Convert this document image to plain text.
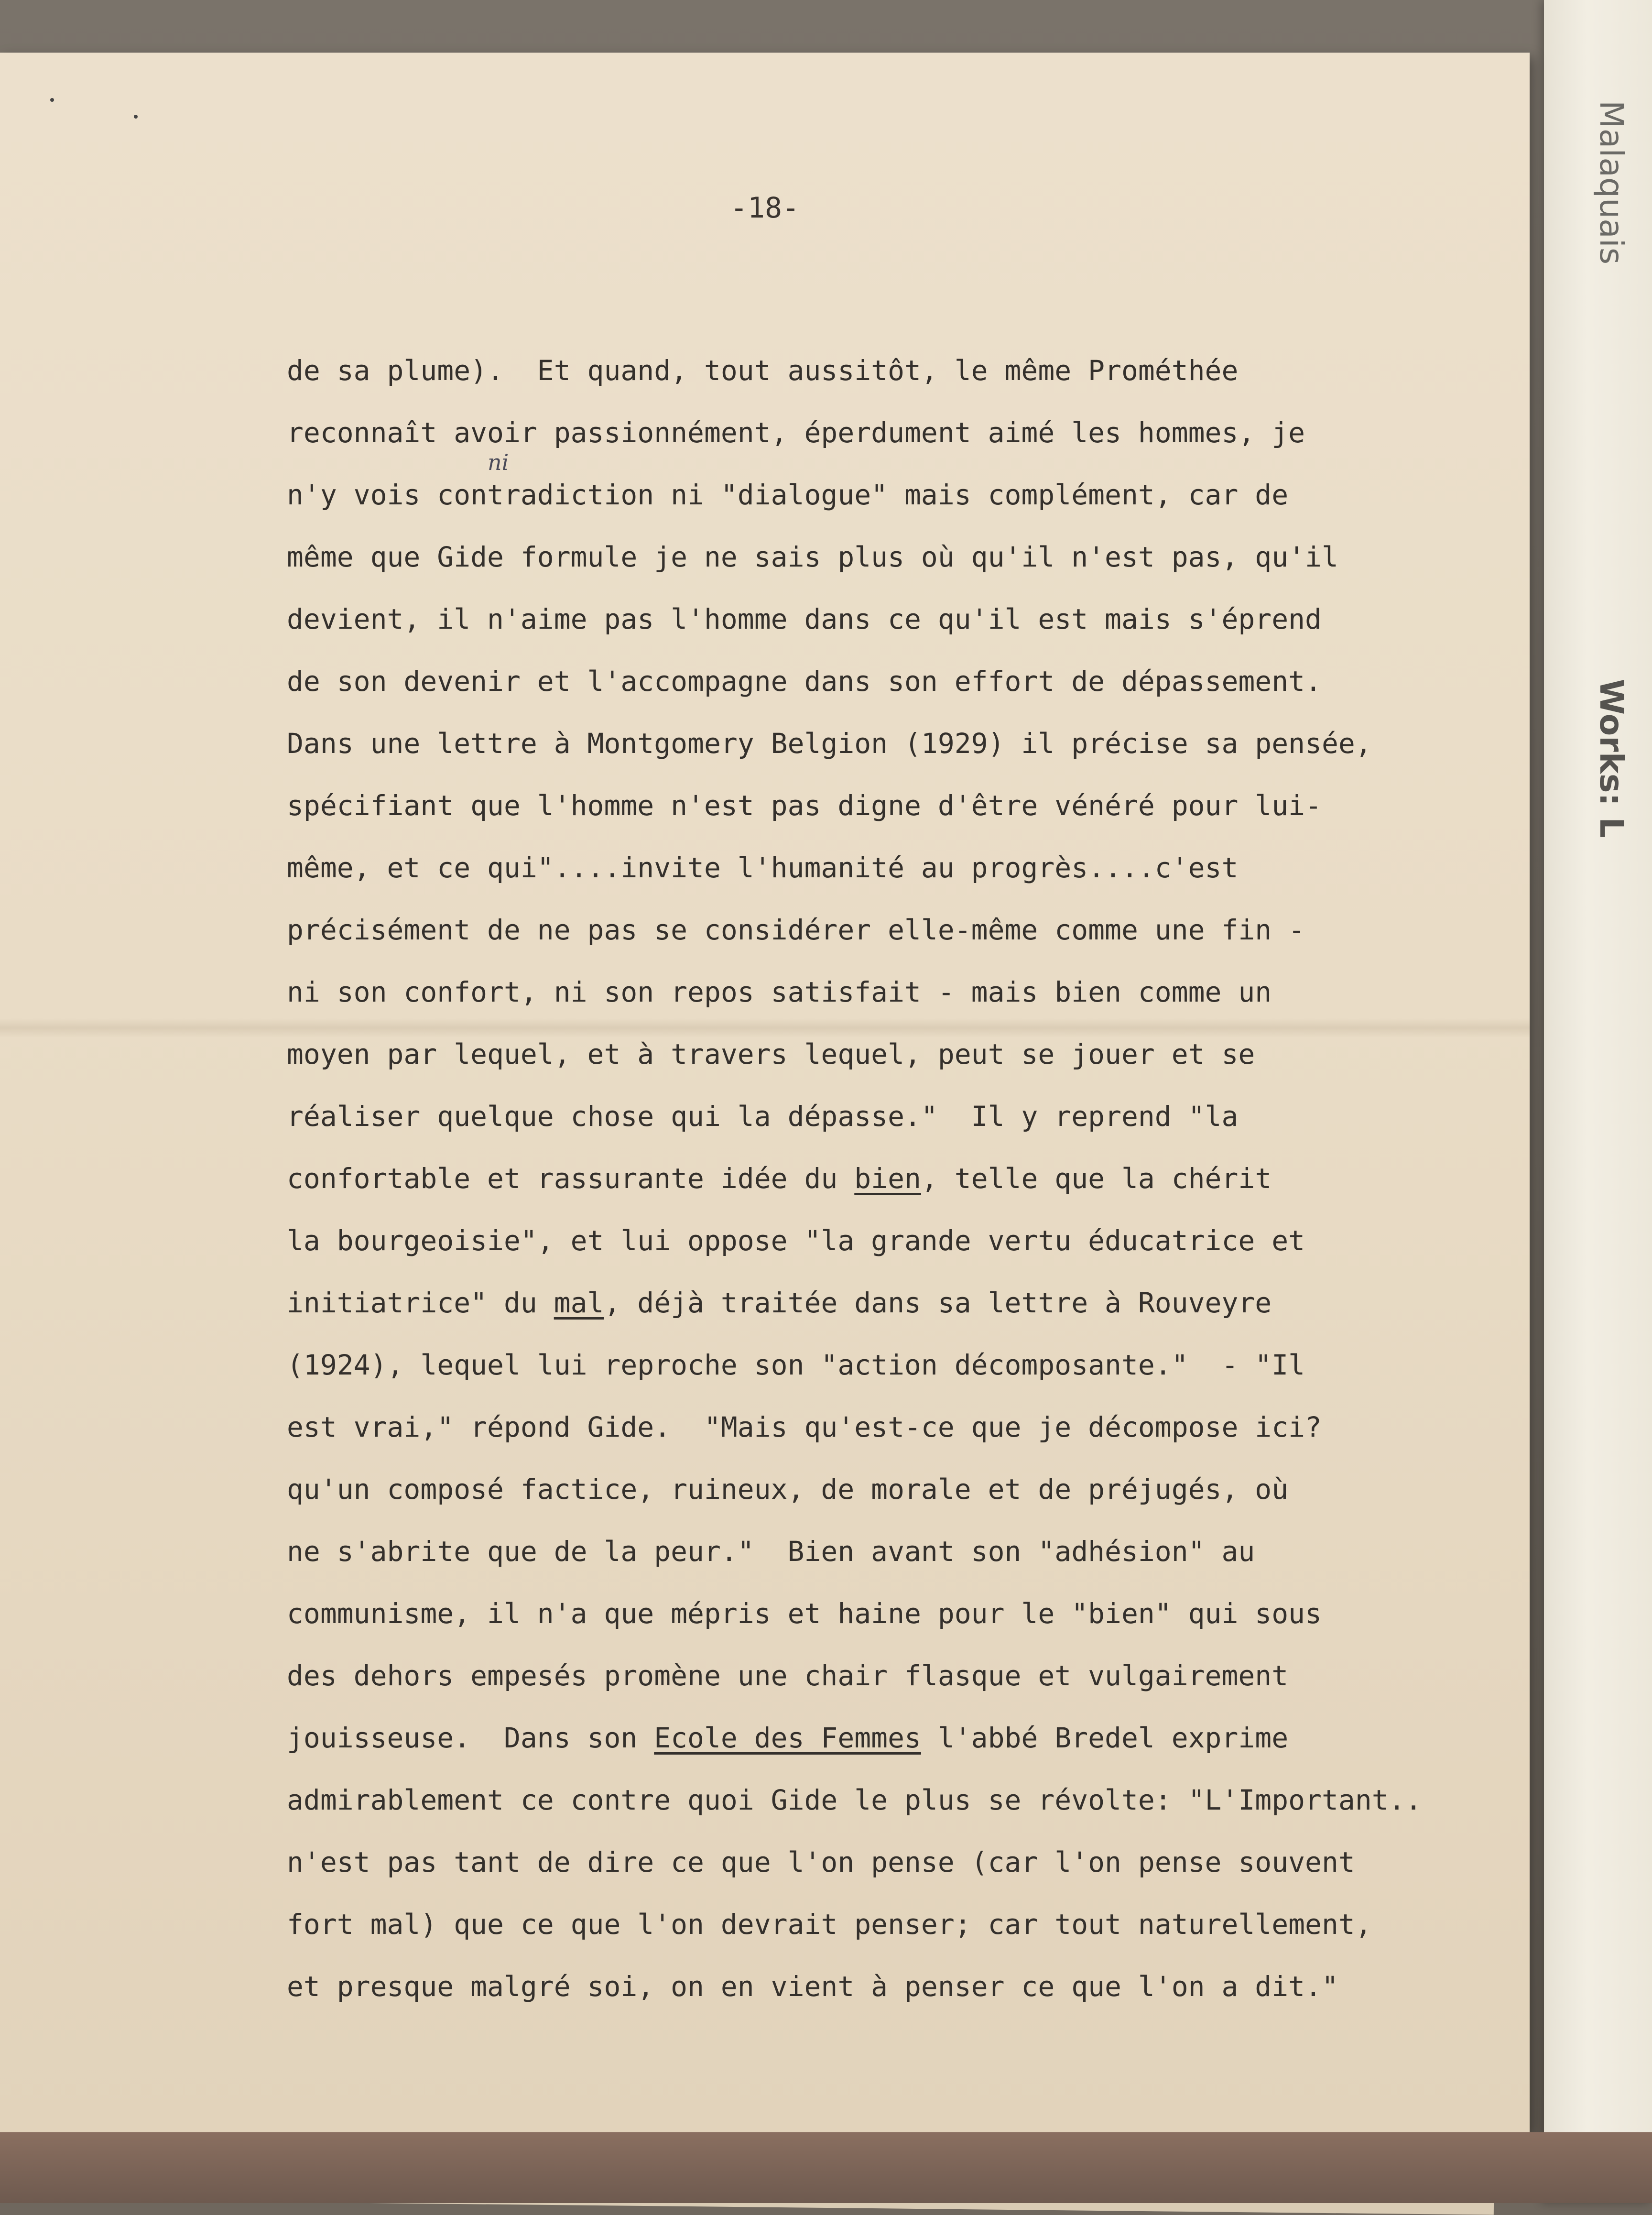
Malaquais
Works: L
-18-
ni
de sa plume).  Et quand, tout aussitôt, le même Prométhée
reconnaît avoir passionnément, éperdument aimé les hommes, je
n'y vois contradiction ni "dialogue" mais complément, car de
même que Gide formule je ne sais plus où qu'il n'est pas, qu'il
devient, il n'aime pas l'homme dans ce qu'il est mais s'éprend
de son devenir et l'accompagne dans son effort de dépassement.
Dans une lettre à Montgomery Belgion (1929) il précise sa pensée,
spécifiant que l'homme n'est pas digne d'être vénéré pour lui-
même, et ce qui"....invite l'humanité au progrès....c'est
précisément de ne pas se considérer elle-même comme une fin -
ni son confort, ni son repos satisfait - mais bien comme un
moyen par lequel, et à travers lequel, peut se jouer et se
réaliser quelque chose qui la dépasse."  Il y reprend "la
confortable et rassurante idée du bien, telle que la chérit
la bourgeoisie", et lui oppose "la grande vertu éducatrice et
initiatrice" du mal, déjà traitée dans sa lettre à Rouveyre
(1924), lequel lui reproche son "action décomposante."  - "Il
est vrai," répond Gide.  "Mais qu'est-ce que je décompose ici?
qu'un composé factice, ruineux, de morale et de préjugés, où
ne s'abrite que de la peur."  Bien avant son "adhésion" au
communisme, il n'a que mépris et haine pour le "bien" qui sous
des dehors empesés promène une chair flasque et vulgairement
jouisseuse.  Dans son Ecole des Femmes l'abbé Bredel exprime
admirablement ce contre quoi Gide le plus se révolte: "L'Important..
n'est pas tant de dire ce que l'on pense (car l'on pense souvent
fort mal) que ce que l'on devrait penser; car tout naturellement,
et presque malgré soi, on en vient à penser ce que l'on a dit."
